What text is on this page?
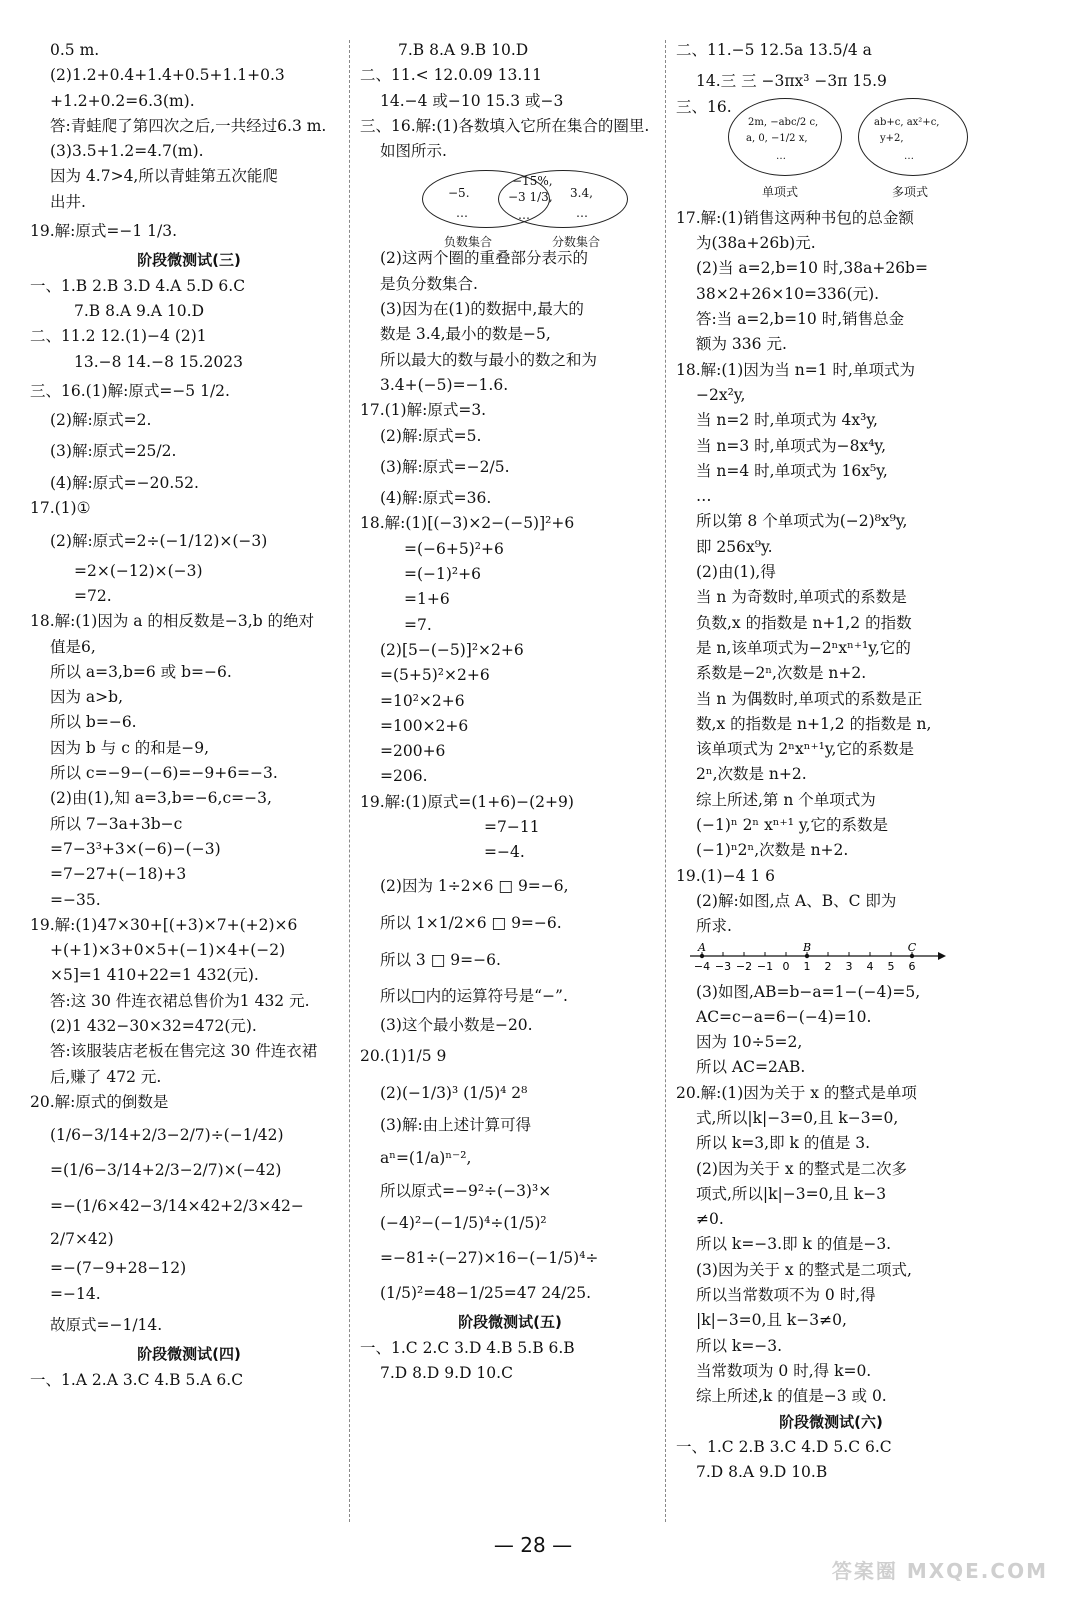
0.5 m.
(2)1.2+0.4+1.4+0.5+1.1+0.3
+1.2+0.2=6.3(m).
答:青蛙爬了第四次之后,一共经过6.3 m.
(3)3.5+1.2=4.7(m).
因为 4.7>4,所以青蛙第五次能爬
出井.
19.解:原式=−1 1/3.
阶段微测试(三)
一、1.B 2.B 3.D 4.A 5.D 6.C
7.B 8.A 9.A 10.D
二、11.2 12.(1)−4 (2)1
13.−8 14.−8 15.2023
三、16.(1)解:原式=−5 1/2.
(2)解:原式=2.
(3)解:原式=25/2.
(4)解:原式=−20.52.
17.(1)①
(2)解:原式=2÷(−1/12)×(−3)
=2×(−12)×(−3)
=72.
18.解:(1)因为 a 的相反数是−3,b 的绝对
值是6,
所以 a=3,b=6 或 b=−6.
因为 a>b,
所以 b=−6.
因为 b 与 c 的和是−9,
所以 c=−9−(−6)=−9+6=−3.
(2)由(1),知 a=3,b=−6,c=−3,
所以 7−3a+3b−c
=7−3³+3×(−6)−(−3)
=7−27+(−18)+3
=−35.
19.解:(1)47×30+[(+3)×7+(+2)×6
+(+1)×3+0×5+(−1)×4+(−2)
×5]=1 410+22=1 432(元).
答:这 30 件连衣裙总售价为1 432 元.
(2)1 432−30×32=472(元).
答:该服装店老板在售完这 30 件连衣裙
后,赚了 472 元.
20.解:原式的倒数是
(1/6−3/14+2/3−2/7)÷(−1/42)
=(1/6−3/14+2/3−2/7)×(−42)
=−(1/6×42−3/14×42+2/3×42−
2/7×42)
=−(7−9+28−12)
=−14.
故原式=−1/14.
阶段微测试(四)
一、1.A 2.A 3.C 4.B 5.A 6.C
7.B 8.A 9.B 10.D
二、11.< 12.0.09 13.11
14.−4 或−10 15.3 或−3
三、16.解:(1)各数填入它所在集合的圈里.
如图所示.
−5.
…
−15%,
−3 1/3,
…
3.4,
…
负数集合	分数集合
(2)这两个圈的重叠部分表示的
是负分数集合.
(3)因为在(1)的数据中,最大的
数是 3.4,最小的数是−5,
所以最大的数与最小的数之和为
3.4+(−5)=−1.6.
17.(1)解:原式=3.
(2)解:原式=5.
(3)解:原式=−2/5.
(4)解:原式=36.
18.解:(1)[(−3)×2−(−5)]²+6
=(−6+5)²+6
=(−1)²+6
=1+6
=7.
(2)[5−(−5)]²×2+6
=(5+5)²×2+6
=10²×2+6
=100×2+6
=200+6
=206.
19.解:(1)原式=(1+6)−(2+9)
=7−11
=−4.
(2)因为 1÷2×6 □ 9=−6,
所以 1×1/2×6 □ 9=−6.
所以 3 □ 9=−6.
所以□内的运算符号是“−”.
(3)这个最小数是−20.
20.(1)1/5 9
(2)(−1/3)³ (1/5)⁴ 2⁸
(3)解:由上述计算可得
aⁿ=(1/a)ⁿ⁻²,
所以原式=−9²÷(−3)³×
(−4)²−(−1/5)⁴÷(1/5)²
=−81÷(−27)×16−(−1/5)⁴÷
(1/5)²=48−1/25=47 24/25.
阶段微测试(五)
一、1.C 2.C 3.D 4.B 5.B 6.B
7.D 8.D 9.D 10.C
二、11.−5 12.5a 13.5/4 a
14.三 三 −3πx³ −3π 15.9
三、16.
2m, −abc/2 c,
a, 0, −1/2 x,
…
ab+c, ax²+c,
y+2,
…
单项式	多项式
17.解:(1)销售这两种书包的总金额
为(38a+26b)元.
(2)当 a=2,b=10 时,38a+26b=
38×2+26×10=336(元).
答:当 a=2,b=10 时,销售总金
额为 336 元.
18.解:(1)因为当 n=1 时,单项式为
−2x²y,
当 n=2 时,单项式为 4x³y,
当 n=3 时,单项式为−8x⁴y,
当 n=4 时,单项式为 16x⁵y,
…
所以第 8 个单项式为(−2)⁸x⁹y,
即 256x⁹y.
(2)由(1),得
当 n 为奇数时,单项式的系数是
负数,x 的指数是 n+1,2 的指数
是 n,该单项式为−2ⁿxⁿ⁺¹y,它的
系数是−2ⁿ,次数是 n+2.
当 n 为偶数时,单项式的系数是正
数,x 的指数是 n+1,2 的指数是 n,
该单项式为 2ⁿxⁿ⁺¹y,它的系数是
2ⁿ,次数是 n+2.
综上所述,第 n 个单项式为
(−1)ⁿ 2ⁿ xⁿ⁺¹ y,它的系数是
(−1)ⁿ2ⁿ,次数是 n+2.
19.(1)−4 1 6
(2)解:如图,点 A、B、C 即为
所求.
−4 −3 −2 −1 0 1 2 3 4 5 6
A	B	C
(3)如图,AB=b−a=1−(−4)=5,
AC=c−a=6−(−4)=10.
因为 10÷5=2,
所以 AC=2AB.
20.解:(1)因为关于 x 的整式是单项
式,所以|k|−3=0,且 k−3=0,
所以 k=3,即 k 的值是 3.
(2)因为关于 x 的整式是二次多
项式,所以|k|−3=0,且 k−3
≠0.
所以 k=−3.即 k 的值是−3.
(3)因为关于 x 的整式是二项式,
所以当常数项不为 0 时,得
|k|−3=0,且 k−3≠0,
所以 k=−3.
当常数项为 0 时,得 k=0.
综上所述,k 的值是−3 或 0.
阶段微测试(六)
一、1.C 2.B 3.C 4.D 5.C 6.C
7.D 8.A 9.D 10.B
— 28 —
答案圈 MXQE.COM
